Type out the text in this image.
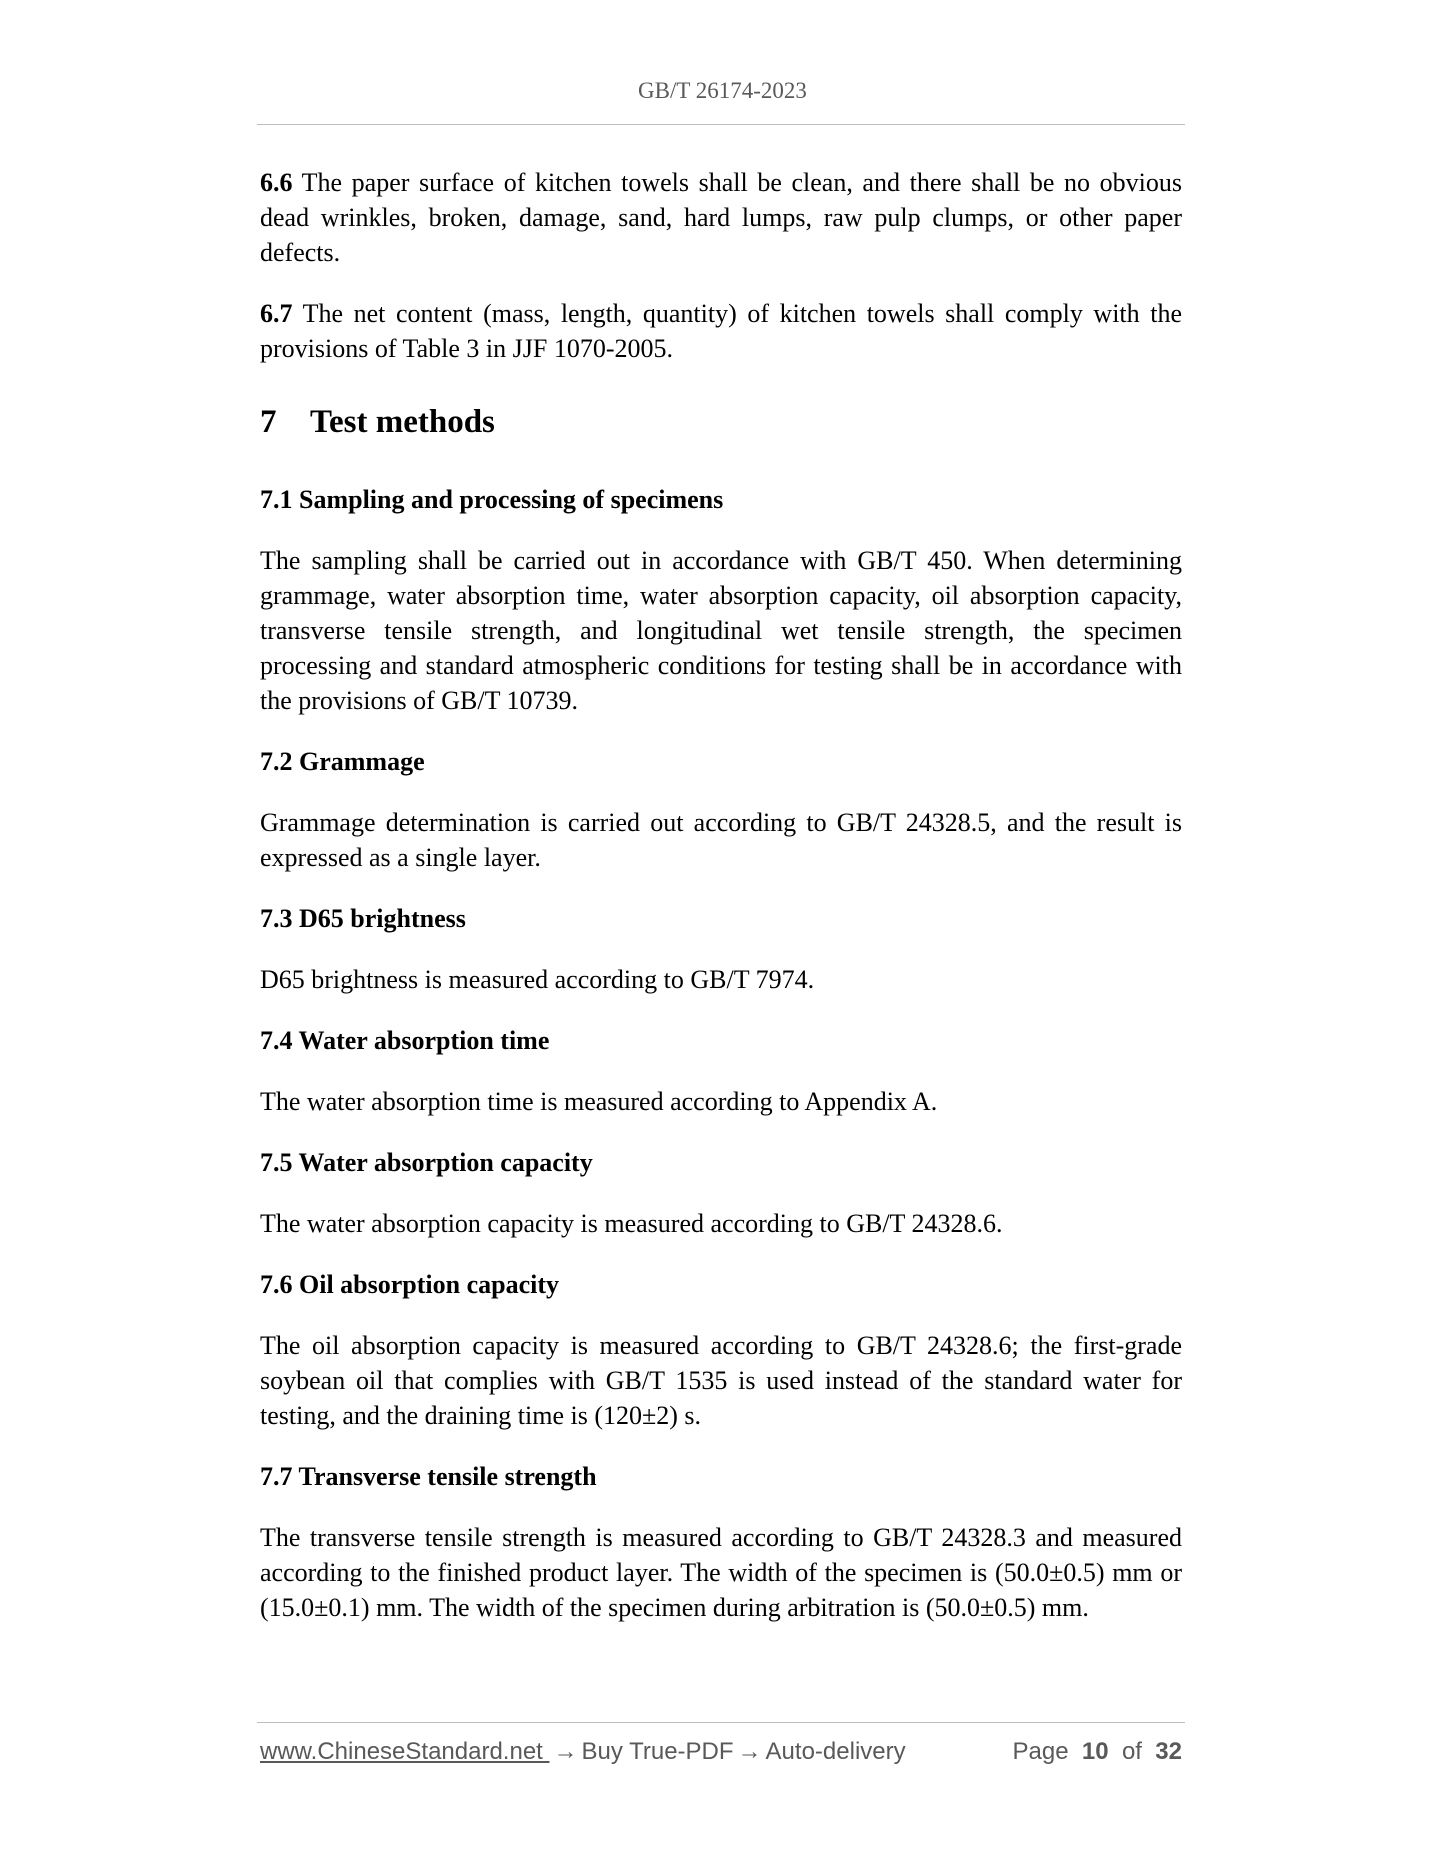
GB/T 26174-2023

6.6 The paper surface of kitchen towels shall be clean, and there shall be no obvious dead wrinkles, broken, damage, sand, hard lumps, raw pulp clumps, or other paper defects.

6.7 The net content (mass, length, quantity) of kitchen towels shall comply with the provisions of Table 3 in JJF 1070-2005.

7 Test methods
7.1 Sampling and processing of specimens

The sampling shall be carried out in accordance with GB/T 450. When determining grammage, water absorption time, water absorption capacity, oil absorption capacity, transverse tensile strength, and longitudinal wet tensile strength, the specimen processing and standard atmospheric conditions for testing shall be in accordance with the provisions of GB/T 10739.

7.2 Grammage

Grammage determination is carried out according to GB/T 24328.5, and the result is expressed as a single layer.

7.3 D65 brightness

D65 brightness is measured according to GB/T 7974.

7.4 Water absorption time

The water absorption time is measured according to Appendix A.

7.5 Water absorption capacity

The water absorption capacity is measured according to GB/T 24328.6.

7.6 Oil absorption capacity

The oil absorption capacity is measured according to GB/T 24328.6; the first-grade soybean oil that complies with GB/T 1535 is used instead of the standard water for testing, and the draining time is (120±2) s.

7.7 Transverse tensile strength

The transverse tensile strength is measured according to GB/T 24328.3 and measured according to the finished product layer. The width of the specimen is (50.0±0.5) mm or (15.0±0.1) mm. The width of the specimen during arbitration is (50.0±0.5) mm.

www.ChineseStandard.net → Buy True-PDF → Auto-delivery	Page 10 of 32
